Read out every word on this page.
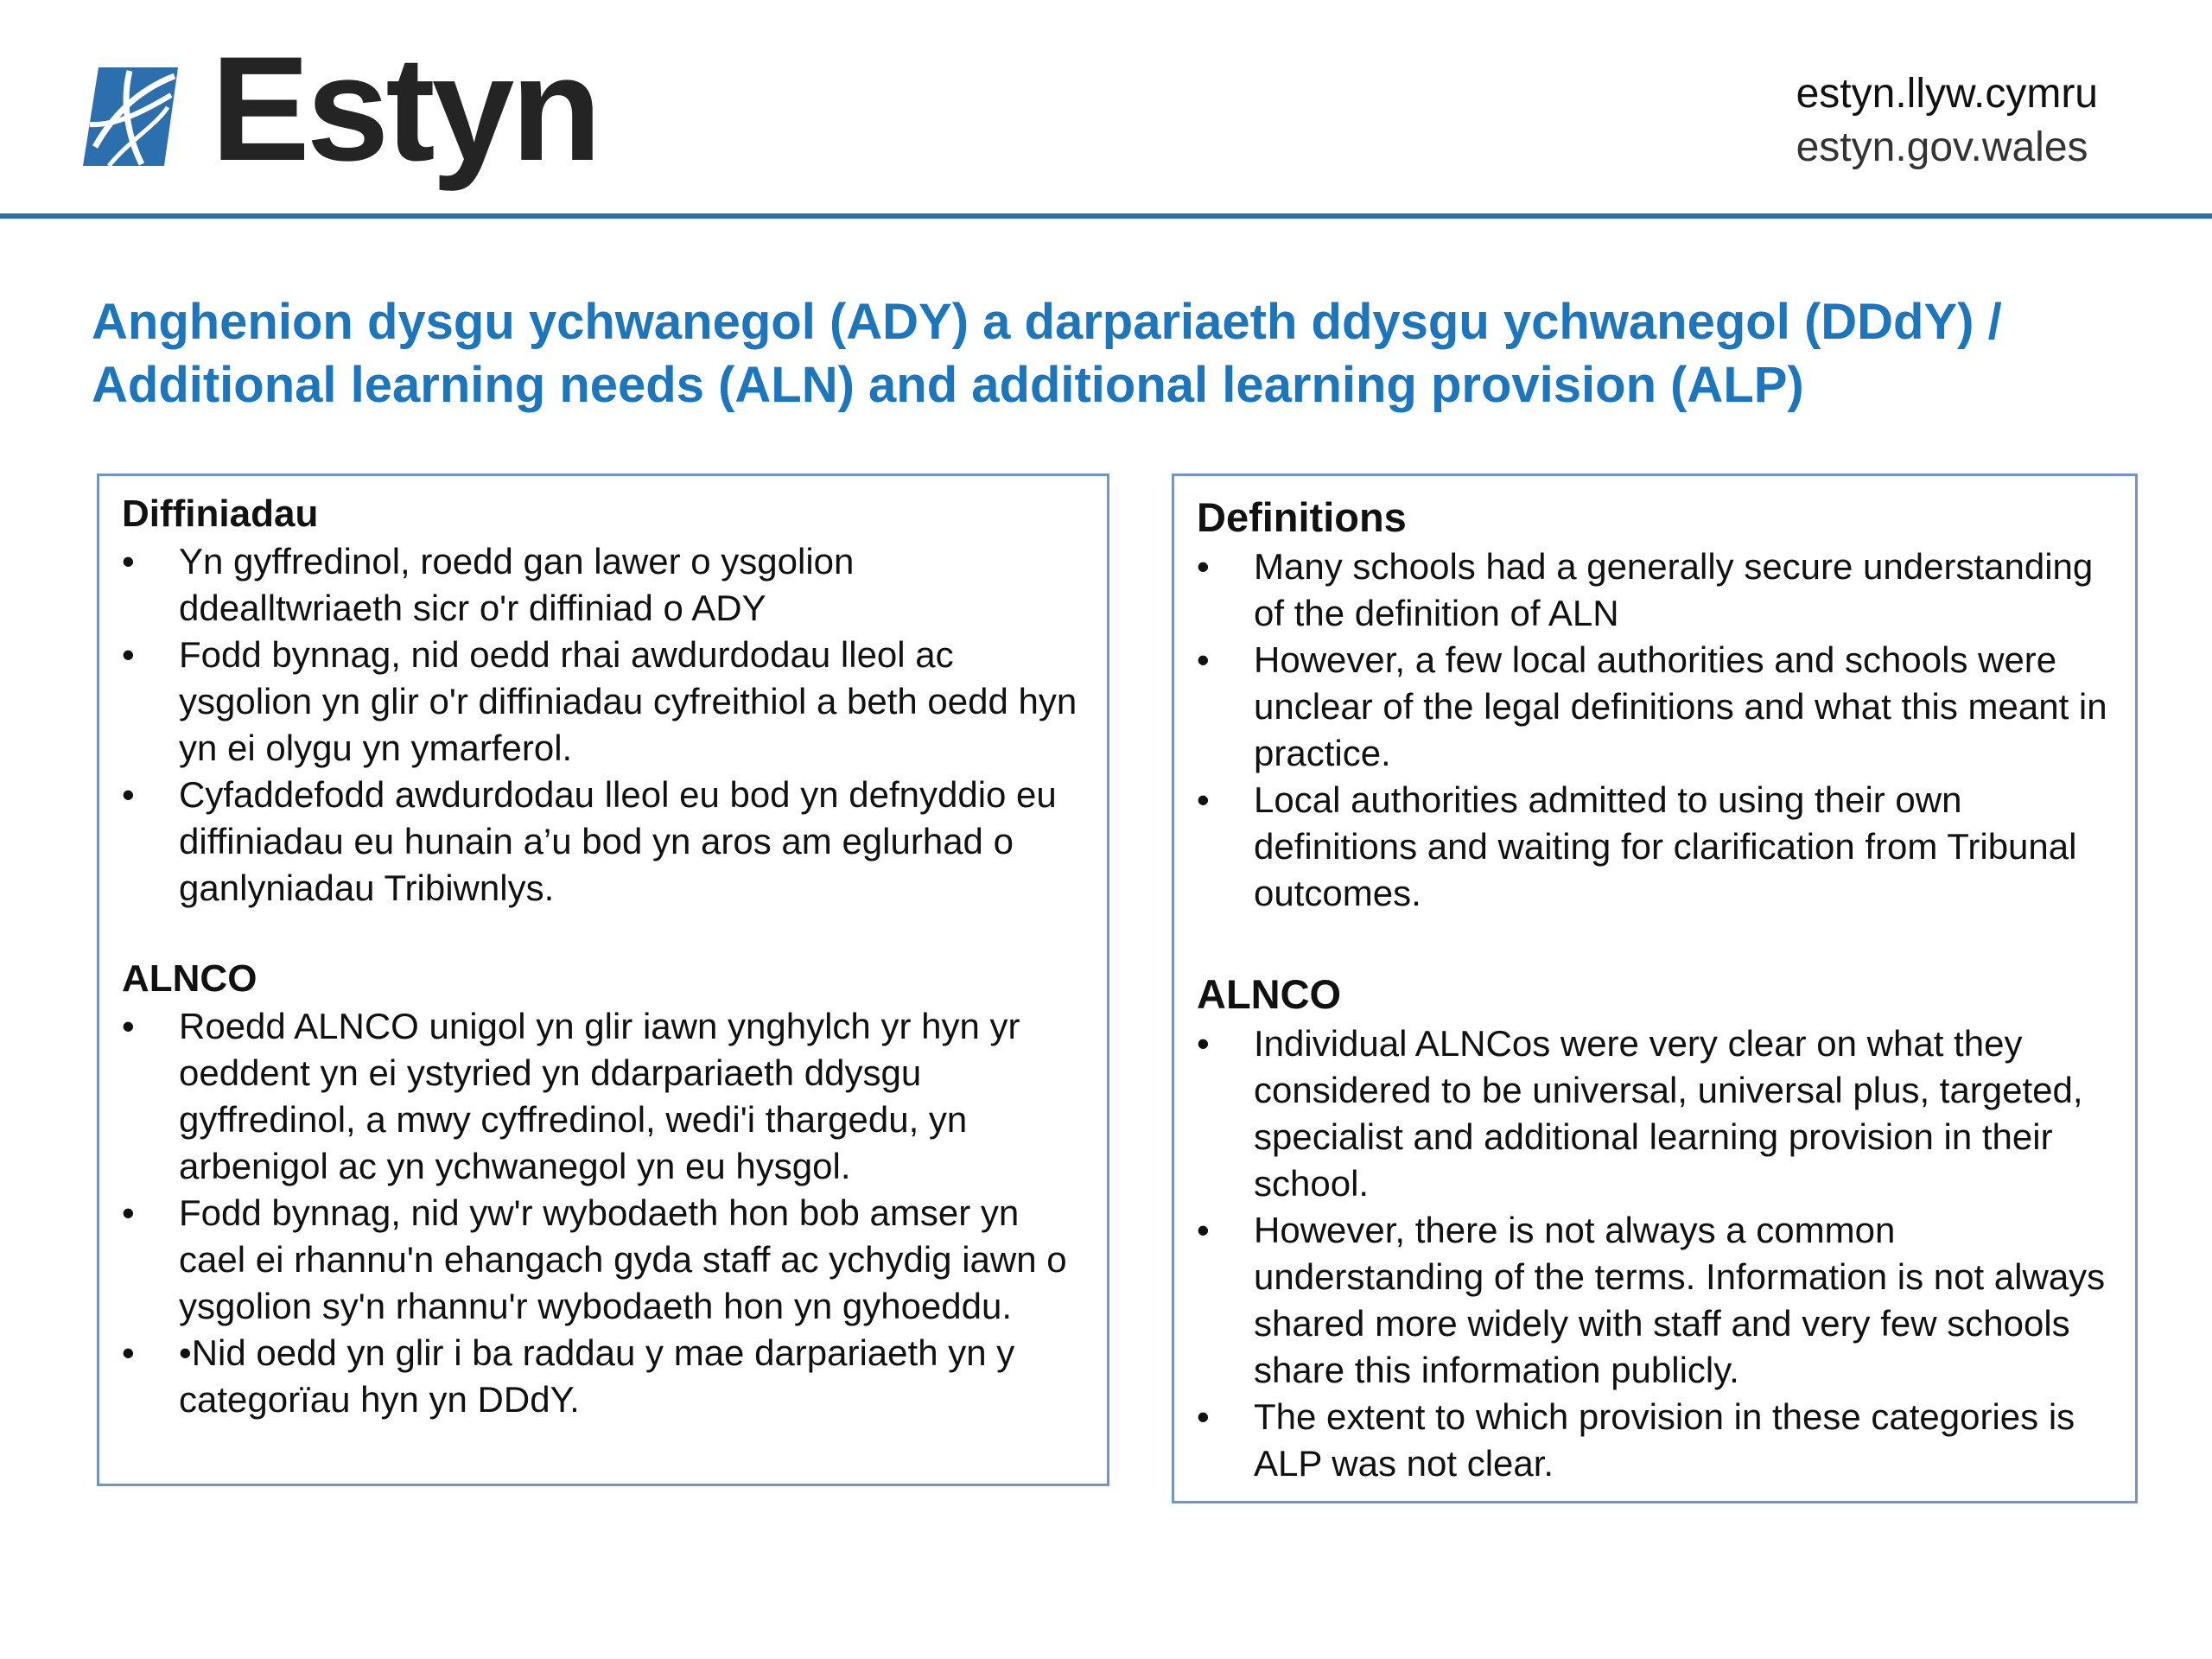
Estyn	estyn.llyw.cymru
estyn.gov.wales
Anghenion dysgu ychwanegol (ADY) a darpariaeth ddysgu ychwanegol (DDdY) /
Additional learning needs (ALN) and additional learning provision (ALP)
Diffiniadau
• Yn gyffredinol, roedd gan lawer o ysgolion ddealltwriaeth sicr o'r diffiniad o ADY
• Fodd bynnag, nid oedd rhai awdurdodau lleol ac ysgolion yn glir o'r diffiniadau cyfreithiol a beth oedd hyn yn ei olygu yn ymarferol.
• Cyfaddefodd awdurdodau lleol eu bod yn defnyddio eu diffiniadau eu hunain a’u bod yn aros am eglurhad o ganlyniadau Tribiwnlys.
ALNCO
• Roedd ALNCO unigol yn glir iawn ynghylch yr hyn yr oeddent yn ei ystyried yn ddarpariaeth ddysgu gyffredinol, a mwy cyffredinol, wedi'i thargedu, yn arbenigol ac yn ychwanegol yn eu hysgol.
• Fodd bynnag, nid yw'r wybodaeth hon bob amser yn cael ei rhannu'n ehangach gyda staff ac ychydig iawn o ysgolion sy'n rhannu'r wybodaeth hon yn gyhoeddu.
• •Nid oedd yn glir i ba raddau y mae darpariaeth yn y categorïau hyn yn DDdY.
Definitions
• Many schools had a generally secure understanding of the definition of ALN
• However, a few local authorities and schools were unclear of the legal definitions and what this meant in practice.
• Local authorities admitted to using their own definitions and waiting for clarification from Tribunal outcomes.
ALNCO
• Individual ALNCos were very clear on what they considered to be universal, universal plus, targeted, specialist and additional learning provision in their school.
• However, there is not always a common understanding of the terms. Information is not always shared more widely with staff and very few schools share this information publicly.
• The extent to which provision in these categories is ALP was not clear.
